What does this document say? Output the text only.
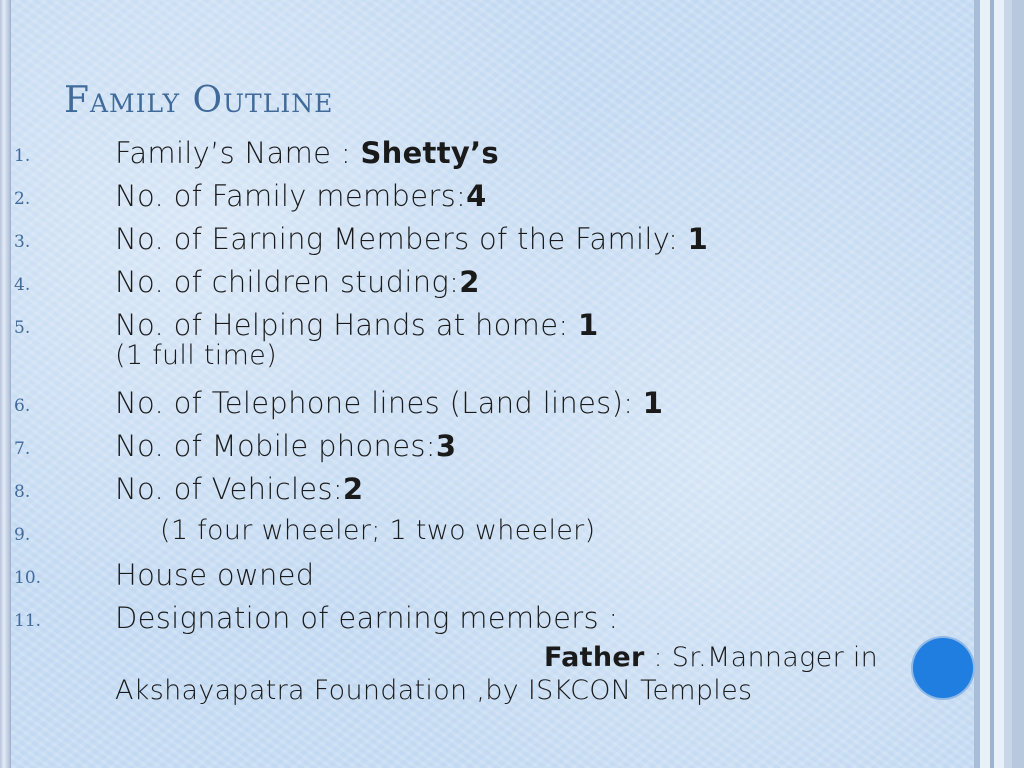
Family Outline
1.	Family’s Name : Shetty’s
2.	No. of Family members:4
3.	No. of Earning Members of the Family: 1
4.	No. of children studing:2
5.	No. of Helping Hands at home: 1
(1 full time)
6.	No. of Telephone lines (Land lines): 1
7.	No. of Mobile phones:3
8.	No. of Vehicles:2
9.	(1 four wheeler; 1 two wheeler)
10.	House owned
11.	Designation of earning members :
Father : Sr.Mannager in
Akshayapatra Foundation ,by ISKCON Temples
